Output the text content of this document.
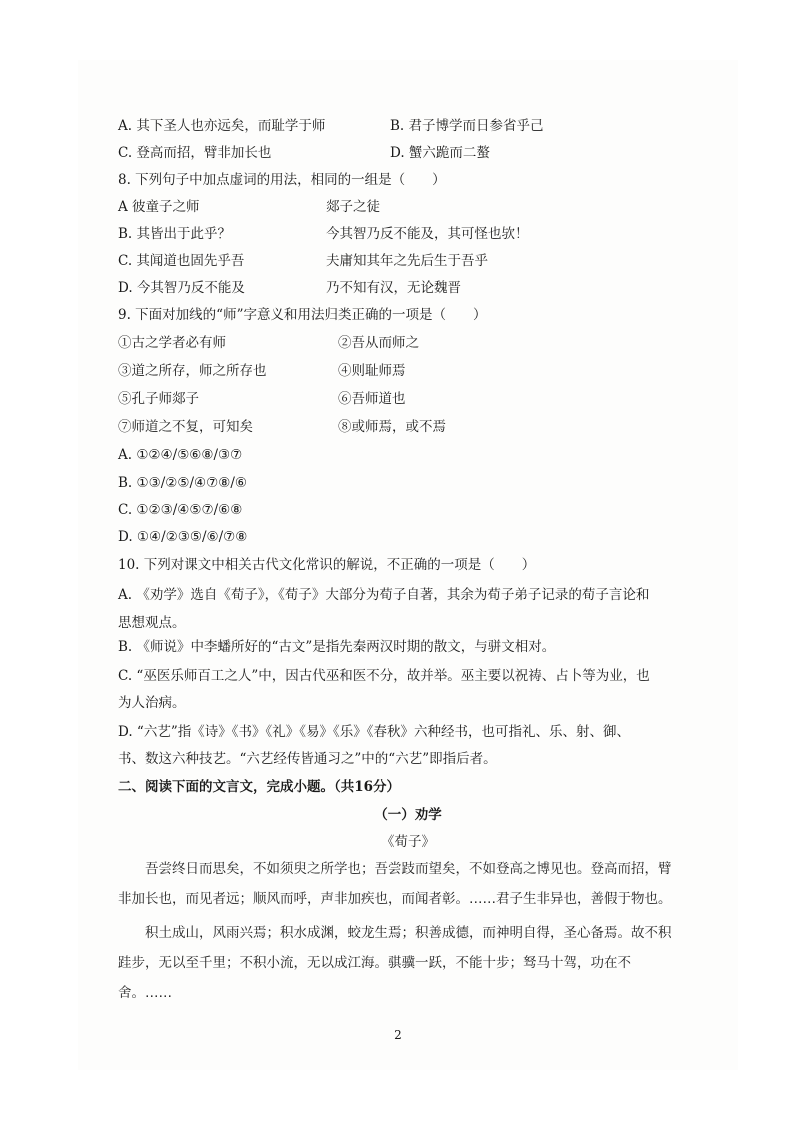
A. 其下圣人也亦远矣，而耻学于师	B. 君子博学而日参省乎己
C. 登高而招，臂非加长也	D. 蟹六跪而二螯
8. 下列句子中加点虚词的用法，相同的一组是（　　）
A 彼童子之师	郯子之徒
B. 其皆出于此乎？	今其智乃反不能及，其可怪也欤！
C. 其闻道也固先乎吾	夫庸知其年之先后生于吾乎
D. 今其智乃反不能及	乃不知有汉，无论魏晋
9. 下面对加线的“师”字意义和用法归类正确的一项是（　　）
①古之学者必有师	②吾从而师之
③道之所存，师之所存也	④则耻师焉
⑤孔子师郯子	⑥吾师道也
⑦师道之不复，可知矣	⑧或师焉，或不焉
A. ①②④/⑤⑥⑧/③⑦
B. ①③/②⑤/④⑦⑧/⑥
C. ①②③/④⑤⑦/⑥⑧
D. ①④/②③⑤/⑥/⑦⑧
10. 下列对课文中相关古代文化常识的解说，不正确的一项是（　　）
A. 《劝学》选自《荀子》，《荀子》大部分为荀子自著，其余为荀子弟子记录的荀子言论和
思想观点。
B. 《师说》中李蟠所好的“古文”是指先秦两汉时期的散文，与骈文相对。
C. “巫医乐师百工之人”中，因古代巫和医不分，故并举。巫主要以祝祷、占卜等为业，也
为人治病。
D. “六艺”指《诗》《书》《礼》《易》《乐》《春秋》六种经书，也可指礼、乐、射、御、
书、数这六种技艺。“六艺经传皆通习之”中的“六艺”即指后者。
二、阅读下面的文言文，完成小题。（共16分）
（一）劝学
《荀子》

吾尝终日而思矣，不如须臾之所学也；吾尝跂而望矣，不如登高之博见也。登高而招，臂非加长也，而见者远；顺风而呼，声非加疾也，而闻者彰。……君子生非异也，善假于物也。

积土成山，风雨兴焉；积水成渊，蛟龙生焉；积善成德，而神明自得，圣心备焉。故不积跬步，无以至千里；不积小流，无以成江海。骐骥一跃，不能十步；驽马十驾，功在不舍。……

2
